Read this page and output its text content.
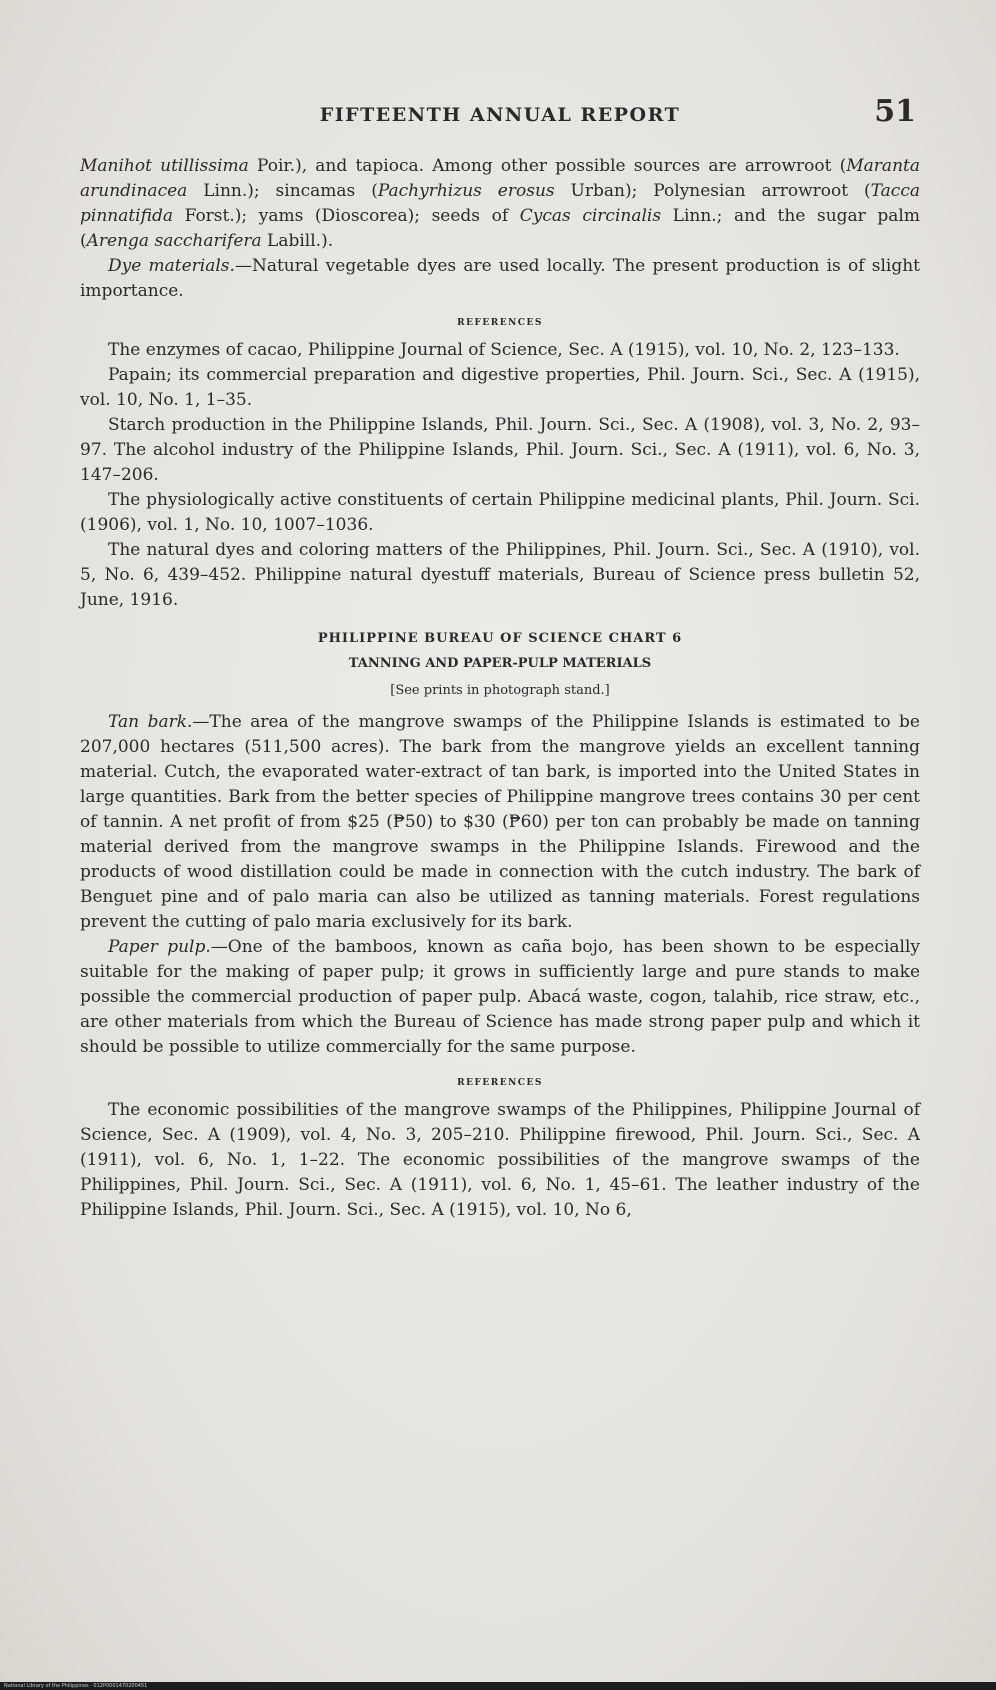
FIFTEENTH ANNUAL REPORT	51

Manihot utillissima Poir.), and tapioca. Among other possible sources are arrowroot (Maranta arundinacea Linn.); sincamas (Pachyrhizus erosus Urban); Polynesian arrowroot (Tacca pinnatifida Forst.); yams (Dioscorea); seeds of Cycas circinalis Linn.; and the sugar palm (Arenga saccharifera Labill.).

Dye materials.—Natural vegetable dyes are used locally. The present production is of slight importance.

REFERENCES

The enzymes of cacao, Philippine Journal of Science, Sec. A (1915), vol. 10, No. 2, 123–133.

Papain; its commercial preparation and digestive properties, Phil. Journ. Sci., Sec. A (1915), vol. 10, No. 1, 1–35.

Starch production in the Philippine Islands, Phil. Journ. Sci., Sec. A (1908), vol. 3, No. 2, 93–97. The alcohol industry of the Philippine Islands, Phil. Journ. Sci., Sec. A (1911), vol. 6, No. 3, 147–206.

The physiologically active constituents of certain Philippine medicinal plants, Phil. Journ. Sci. (1906), vol. 1, No. 10, 1007–1036.

The natural dyes and coloring matters of the Philippines, Phil. Journ. Sci., Sec. A (1910), vol. 5, No. 6, 439–452. Philippine natural dyestuff materials, Bureau of Science press bulletin 52, June, 1916.

PHILIPPINE BUREAU OF SCIENCE CHART 6
TANNING AND PAPER-PULP MATERIALS
[See prints in photograph stand.]

Tan bark.—The area of the mangrove swamps of the Philippine Islands is estimated to be 207,000 hectares (511,500 acres). The bark from the mangrove yields an excellent tanning material. Cutch, the evaporated water-extract of tan bark, is imported into the United States in large quantities. Bark from the better species of Philippine mangrove trees contains 30 per cent of tannin. A net profit of from $25 (₱50) to $30 (₱60) per ton can probably be made on tanning material derived from the mangrove swamps in the Philippine Islands. Firewood and the products of wood distillation could be made in connection with the cutch industry. The bark of Benguet pine and of palo maria can also be utilized as tanning materials. Forest regulations prevent the cutting of palo maria exclusively for its bark.

Paper pulp.—One of the bamboos, known as caña bojo, has been shown to be especially suitable for the making of paper pulp; it grows in sufficiently large and pure stands to make possible the commercial production of paper pulp. Abacá waste, cogon, talahib, rice straw, etc., are other materials from which the Bureau of Science has made strong paper pulp and which it should be possible to utilize commercially for the same purpose.

REFERENCES

The economic possibilities of the mangrove swamps of the Philippines, Philippine Journal of Science, Sec. A (1909), vol. 4, No. 3, 205–210. Philippine firewood, Phil. Journ. Sci., Sec. A (1911), vol. 6, No. 1, 1–22. The economic possibilities of the mangrove swamps of the Philippines, Phil. Journ. Sci., Sec. A (1911), vol. 6, No. 1, 45–61. The leather industry of the Philippine Islands, Phil. Journ. Sci., Sec. A (1915), vol. 10, No 6,

National Library of the Philippines · 012P0001470200451
